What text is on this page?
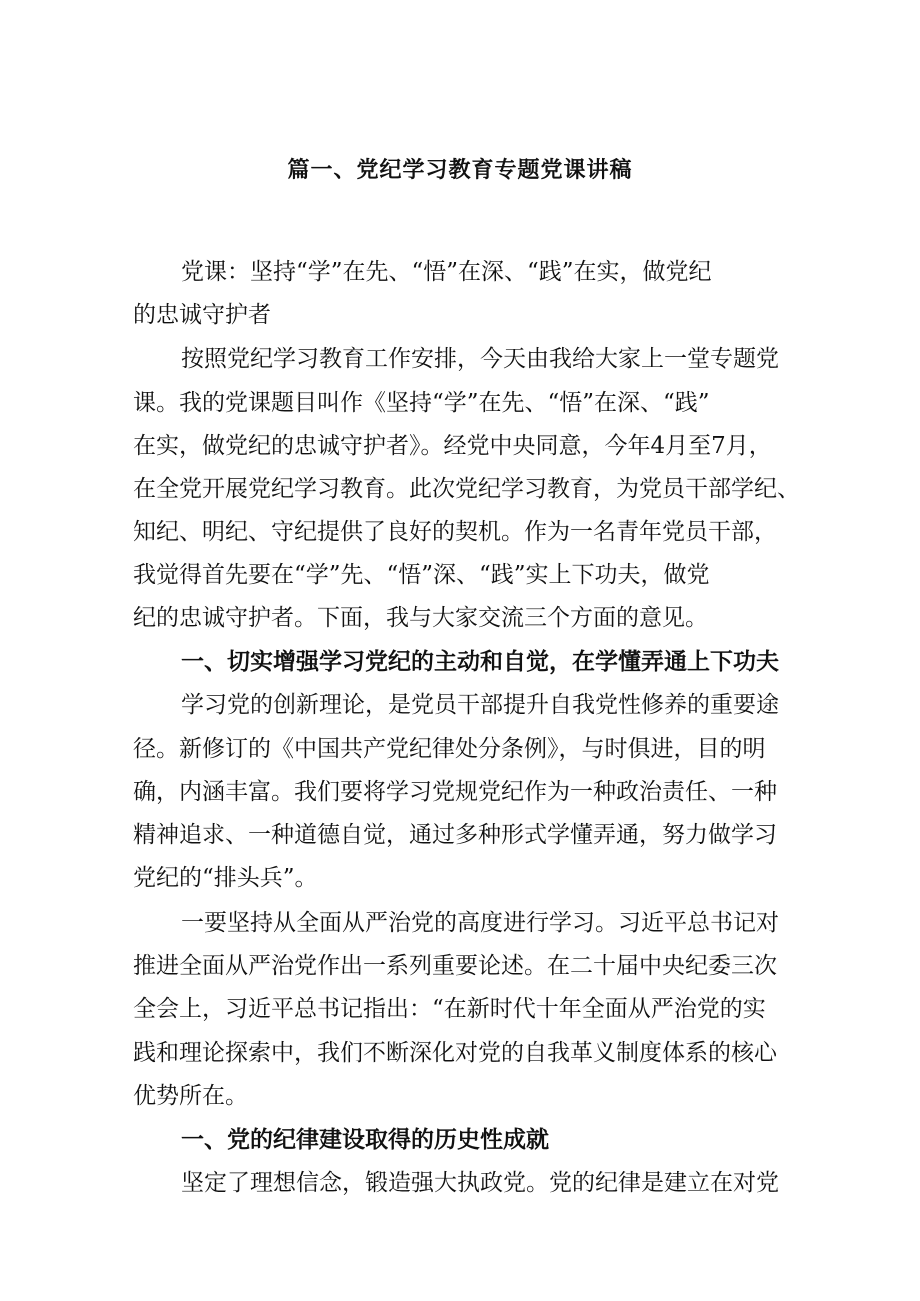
篇一、党纪学习教育专题党课讲稿
党课：坚持“学”在先、“悟”在深、“践”在实，做党纪
的忠诚守护者
按照党纪学习教育工作安排，今天由我给大家上一堂专题党
课。我的党课题目叫作《坚持“学”在先、“悟”在深、“践”
在实，做党纪的忠诚守护者》。经党中央同意，今年4月至7月，
在全党开展党纪学习教育。此次党纪学习教育，为党员干部学纪、
知纪、明纪、守纪提供了良好的契机。作为一名青年党员干部，
我觉得首先要在“学”先、“悟”深、“践”实上下功夫，做党
纪的忠诚守护者。下面，我与大家交流三个方面的意见。
一、切实增强学习党纪的主动和自觉，在学懂弄通上下功夫
学习党的创新理论，是党员干部提升自我党性修养的重要途
径。新修订的《中国共产党纪律处分条例》，与时俱进，目的明
确，内涵丰富。我们要将学习党规党纪作为一种政治责任、一种
精神追求、一种道德自觉，通过多种形式学懂弄通，努力做学习
党纪的“排头兵”。
一要坚持从全面从严治党的高度进行学习。习近平总书记对
推进全面从严治党作出一系列重要论述。在二十届中央纪委三次
全会上，习近平总书记指出：“在新时代十年全面从严治党的实
践和理论探索中，我们不断深化对党的自我革义制度体系的核心
优势所在。
一、党的纪律建设取得的历史性成就
坚定了理想信念，锻造强大执政党。党的纪律是建立在对党
